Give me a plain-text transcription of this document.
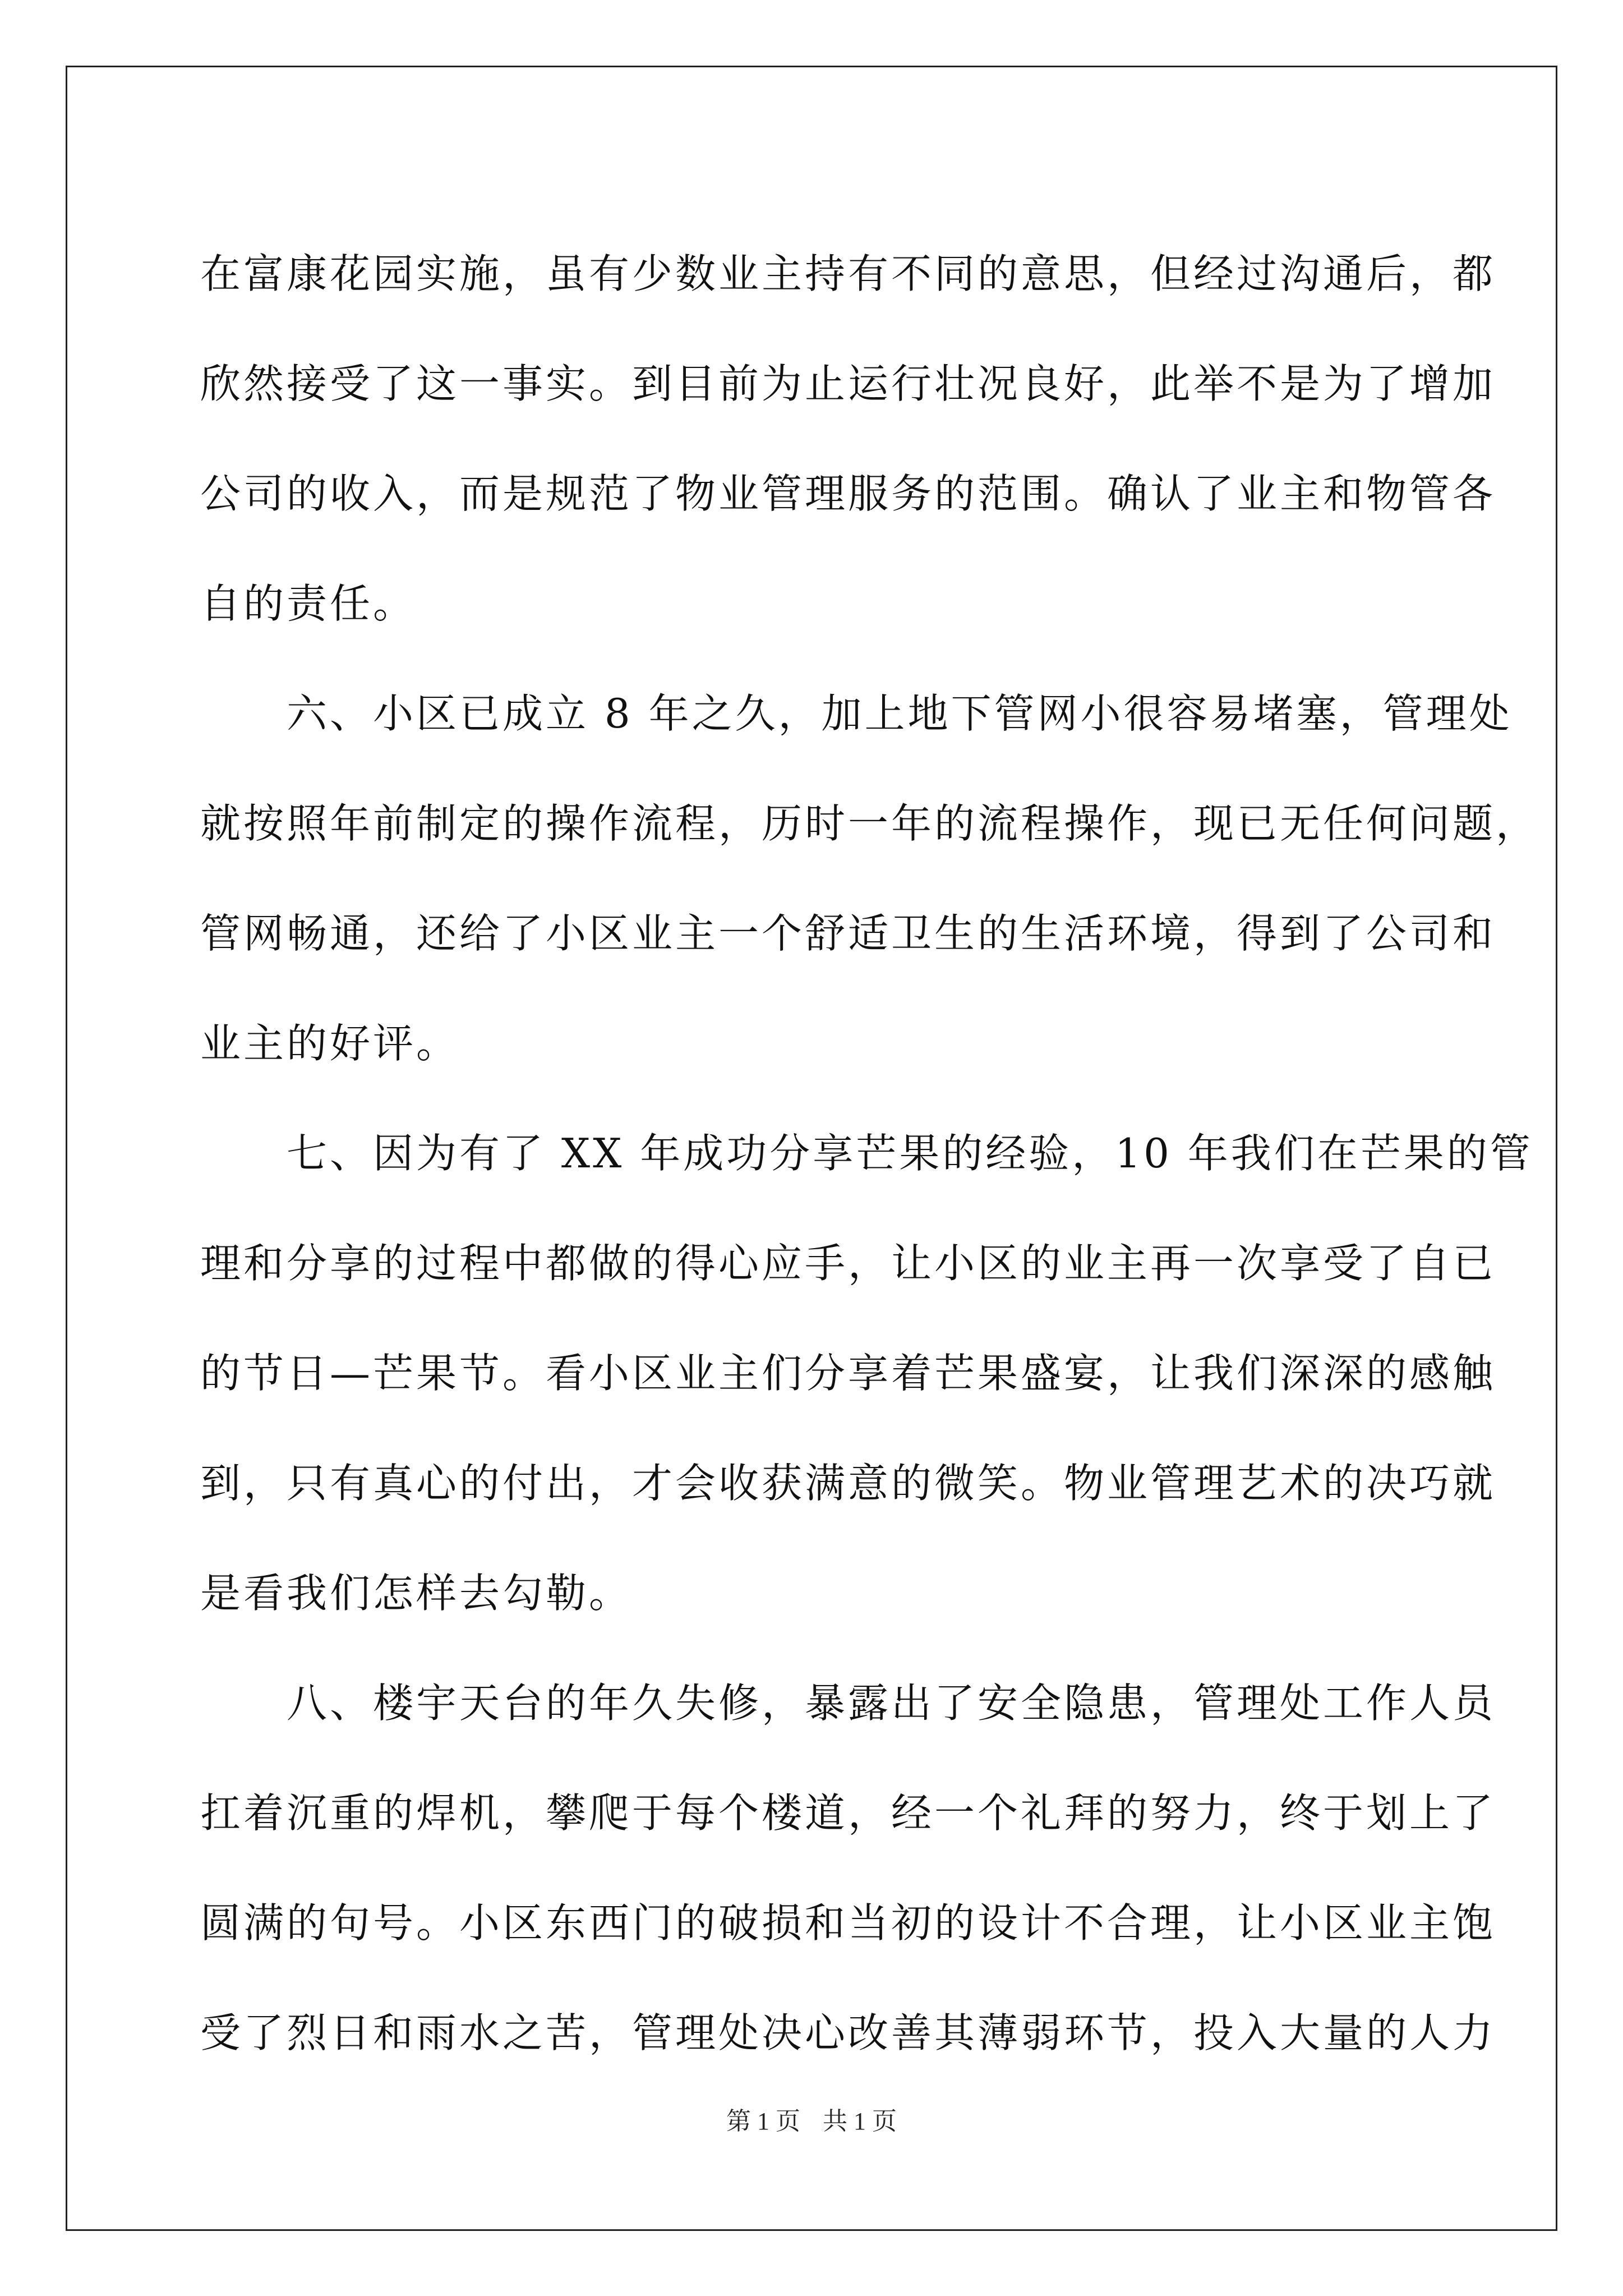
在富康花园实施，虽有少数业主持有不同的意思，但经过沟通后，都
欣然接受了这一事实。到目前为止运行壮况良好，此举不是为了增加
公司的收入，而是规范了物业管理服务的范围。确认了业主和物管各
自的责任。

　　六、小区已成立 8 年之久，加上地下管网小很容易堵塞，管理处
就按照年前制定的操作流程，历时一年的流程操作，现已无任何问题，
管网畅通，还给了小区业主一个舒适卫生的生活环境，得到了公司和
业主的好评。

　　七、因为有了 XX 年成功分享芒果的经验，10 年我们在芒果的管
理和分享的过程中都做的得心应手，让小区的业主再一次享受了自已
的节日—芒果节。看小区业主们分享着芒果盛宴，让我们深深的感触
到，只有真心的付出，才会收获满意的微笑。物业管理艺术的决巧就
是看我们怎样去勾勒。

　　八、楼宇天台的年久失修，暴露出了安全隐患，管理处工作人员
扛着沉重的焊机，攀爬于每个楼道，经一个礼拜的努力，终于划上了
圆满的句号。小区东西门的破损和当初的设计不合理，让小区业主饱
受了烈日和雨水之苦，管理处决心改善其薄弱环节，投入大量的人力

第 1 页 共 1 页
